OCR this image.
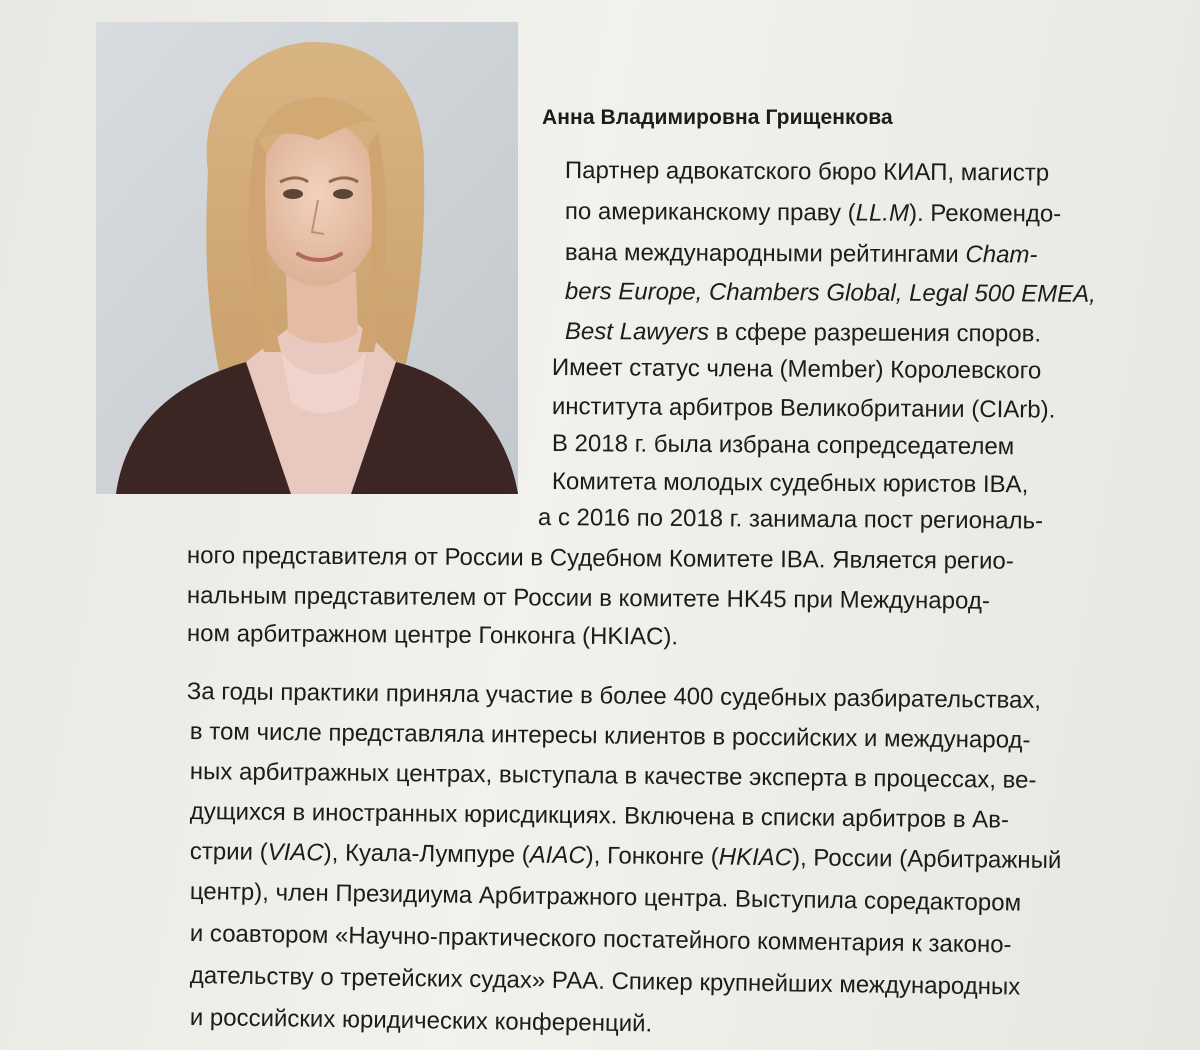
Анна Владимировна Грищенкова
Партнер адвокатского бюро КИАП, магистр
по американскому праву (LL.M). Рекомендо-
вана международными рейтингами Cham-
bers Europe, Chambers Global, Legal 500 EMEA,
Best Lawyers в сфере разрешения споров.
Имеет статус члена (Member) Королевского
института арбитров Великобритании (CIArb).
В 2018 г. была избрана сопредседателем
Комитета молодых судебных юристов IBA,
а с 2016 по 2018 г. занимала пост региональ-
ного представителя от России в Судебном Комитете IBA. Является регио-
нальным представителем от России в комитете HK45 при Международ-
ном арбитражном центре Гонконга (HKIAC).
За годы практики приняла участие в более 400 судебных разбирательствах,
в том числе представляла интересы клиентов в российских и международ-
ных арбитражных центрах, выступала в качестве эксперта в процессах, ве-
дущихся в иностранных юрисдикциях. Включена в списки арбитров в Ав-
стрии (VIAC), Куала-Лумпуре (AIAC), Гонконге (HKIAC), России (Арбитражный
центр), член Президиума Арбитражного центра. Выступила соредактором
и соавтором «Научно-практического постатейного комментария к законо-
дательству о третейских судах» РАА. Спикер крупнейших международных
и российских юридических конференций.
